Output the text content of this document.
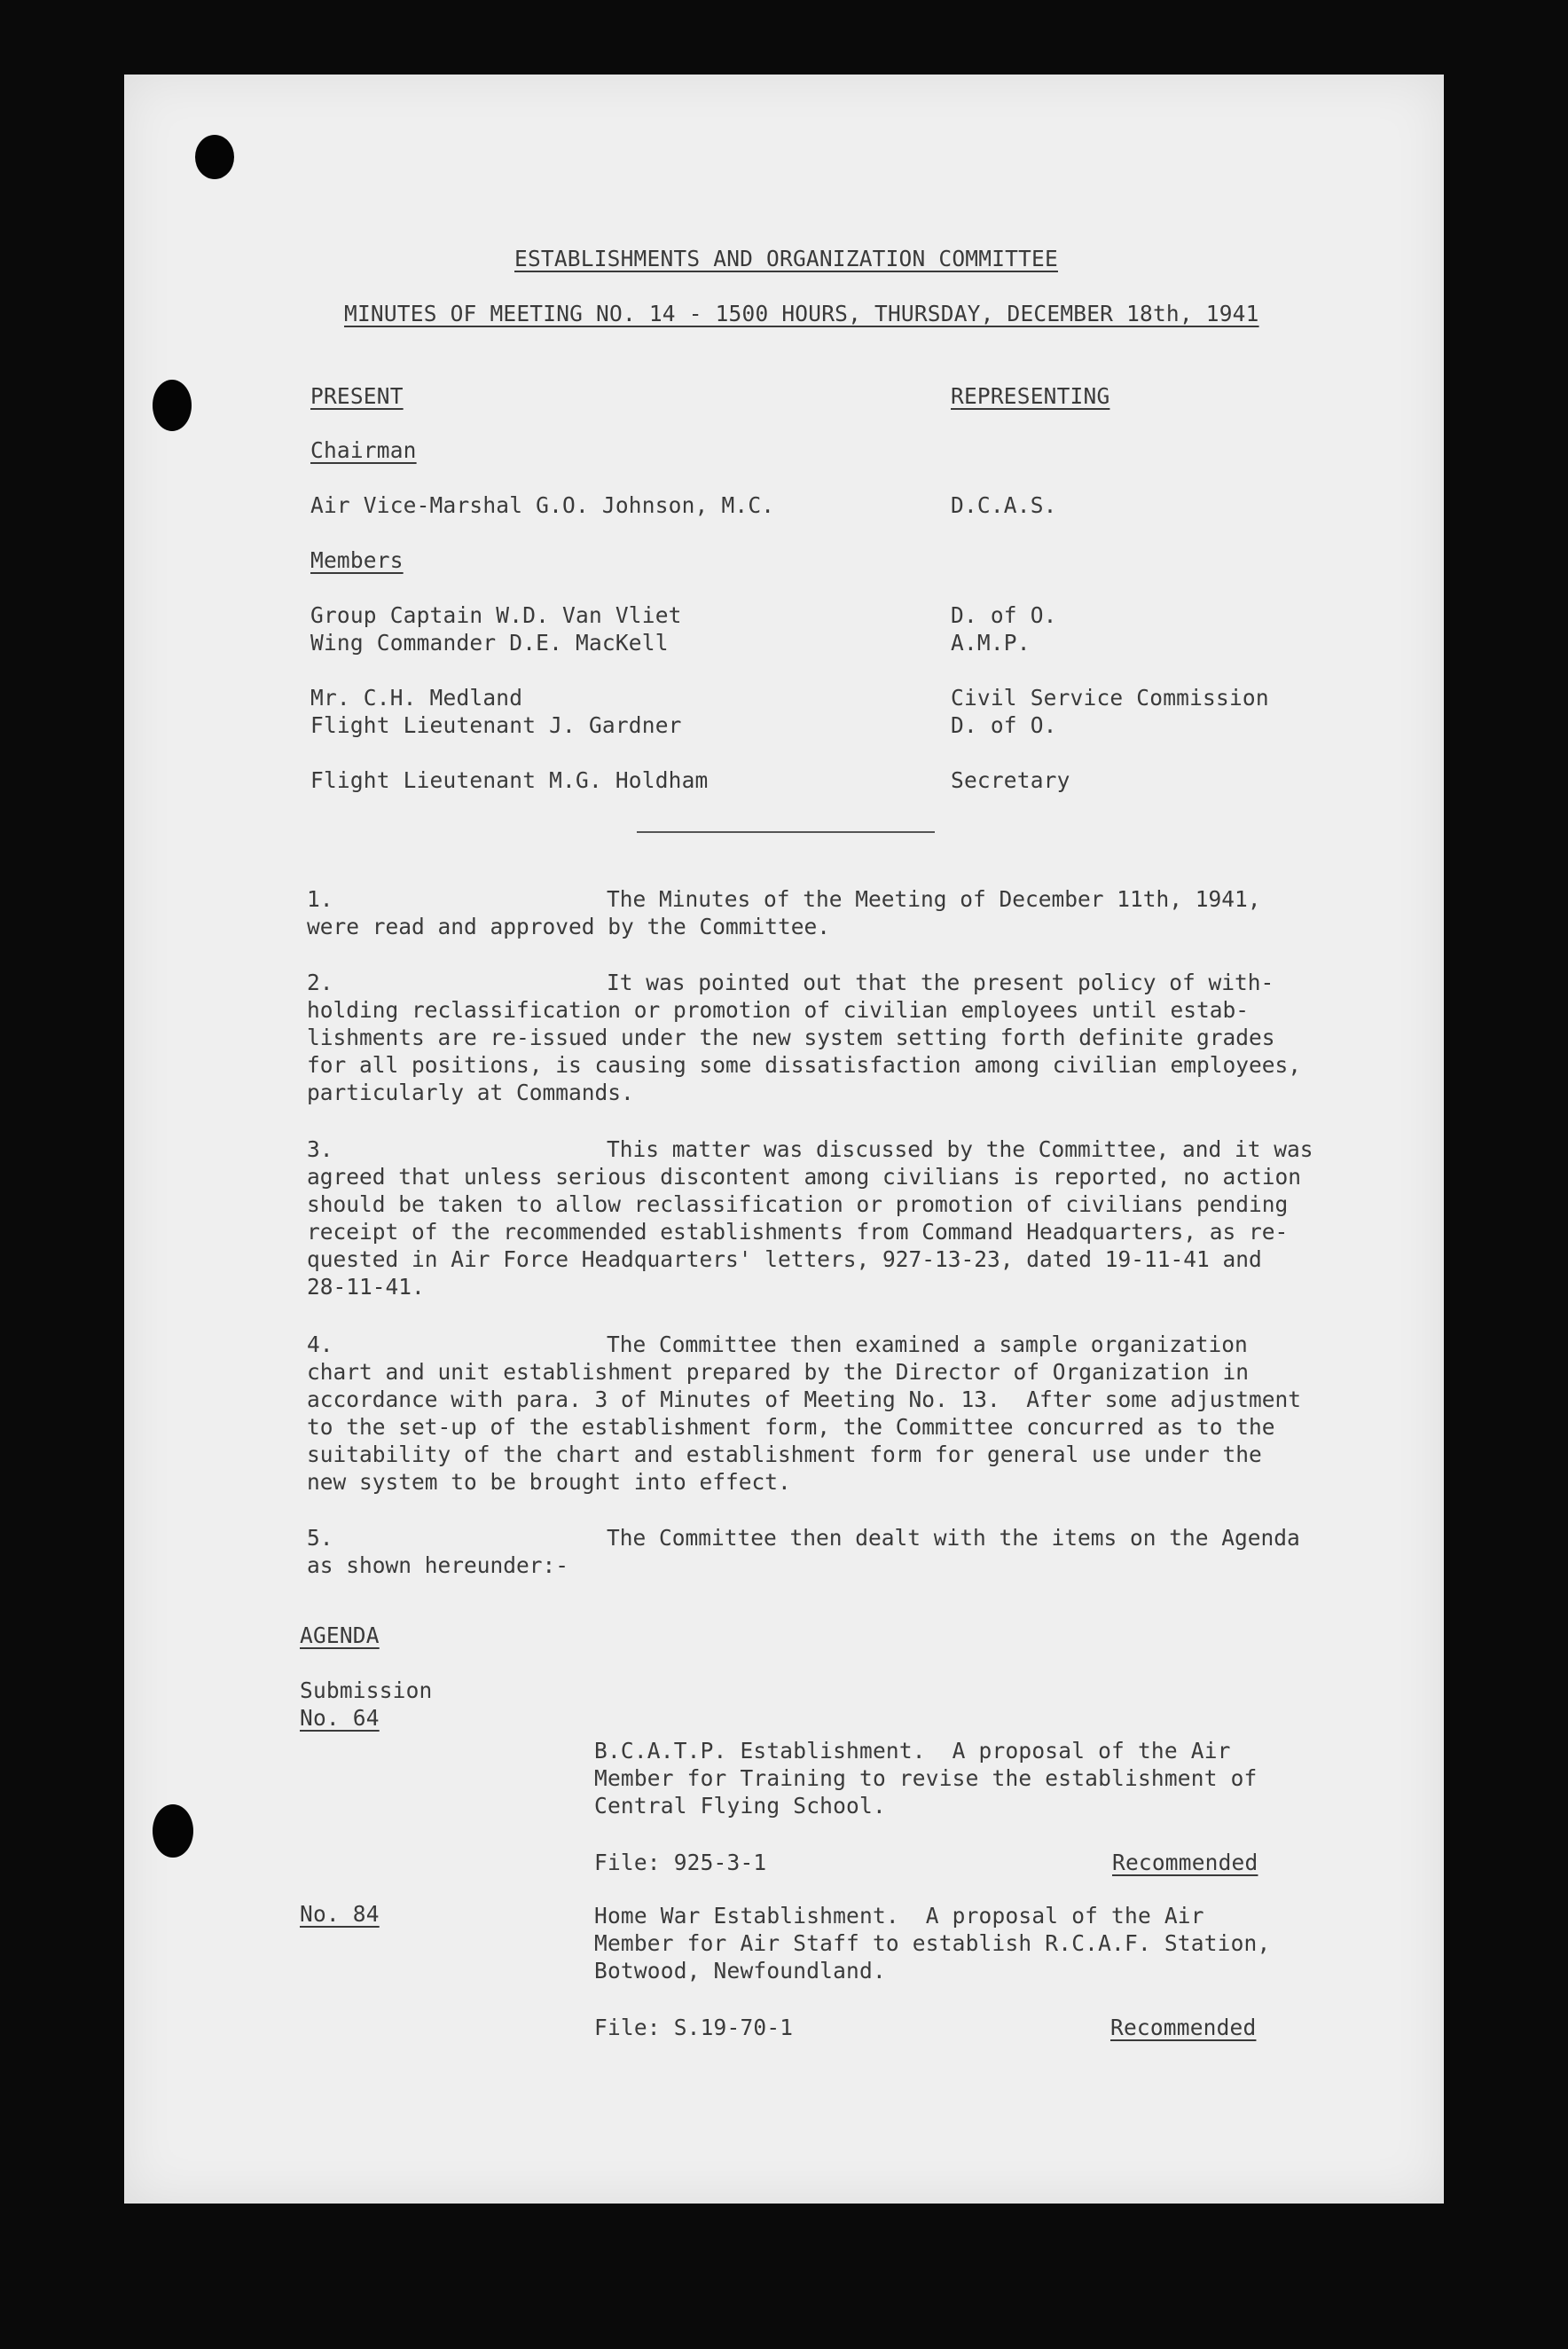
ESTABLISHMENTS AND ORGANIZATION COMMITTEE
MINUTES OF MEETING NO. 14 - 1500 HOURS, THURSDAY, DECEMBER 18th, 1941
PRESENT	REPRESENTING
Chairman
Air Vice-Marshal G.O. Johnson, M.C.	D.C.A.S.
Members
Group Captain W.D. Van Vliet	D. of O.
Wing Commander D.E. MacKell	A.M.P.
Mr. C.H. Medland	Civil Service Commission
Flight Lieutenant J. Gardner	D. of O.
Flight Lieutenant M.G. Holdham	Secretary
1.	The Minutes of the Meeting of December 11th, 1941,
were read and approved by the Committee.
2.	It was pointed out that the present policy of with-
holding reclassification or promotion of civilian employees until estab-
lishments are re-issued under the new system setting forth definite grades
for all positions, is causing some dissatisfaction among civilian employees,
particularly at Commands.
3.	This matter was discussed by the Committee, and it was
agreed that unless serious discontent among civilians is reported, no action
should be taken to allow reclassification or promotion of civilians pending
receipt of the recommended establishments from Command Headquarters, as re-
quested in Air Force Headquarters' letters, 927-13-23, dated 19-11-41 and
28-11-41.
4.	The Committee then examined a sample organization
chart and unit establishment prepared by the Director of Organization in
accordance with para. 3 of Minutes of Meeting No. 13.  After some adjustment
to the set-up of the establishment form, the Committee concurred as to the
suitability of the chart and establishment form for general use under the
new system to be brought into effect.
5.	The Committee then dealt with the items on the Agenda
as shown hereunder:-
AGENDA
Submission
No. 64
B.C.A.T.P. Establishment.  A proposal of the Air
Member for Training to revise the establishment of
Central Flying School.
File: 925-3-1	Recommended
No. 84	Home War Establishment.  A proposal of the Air
Member for Air Staff to establish R.C.A.F. Station,
Botwood, Newfoundland.
File: S.19-70-1	Recommended
